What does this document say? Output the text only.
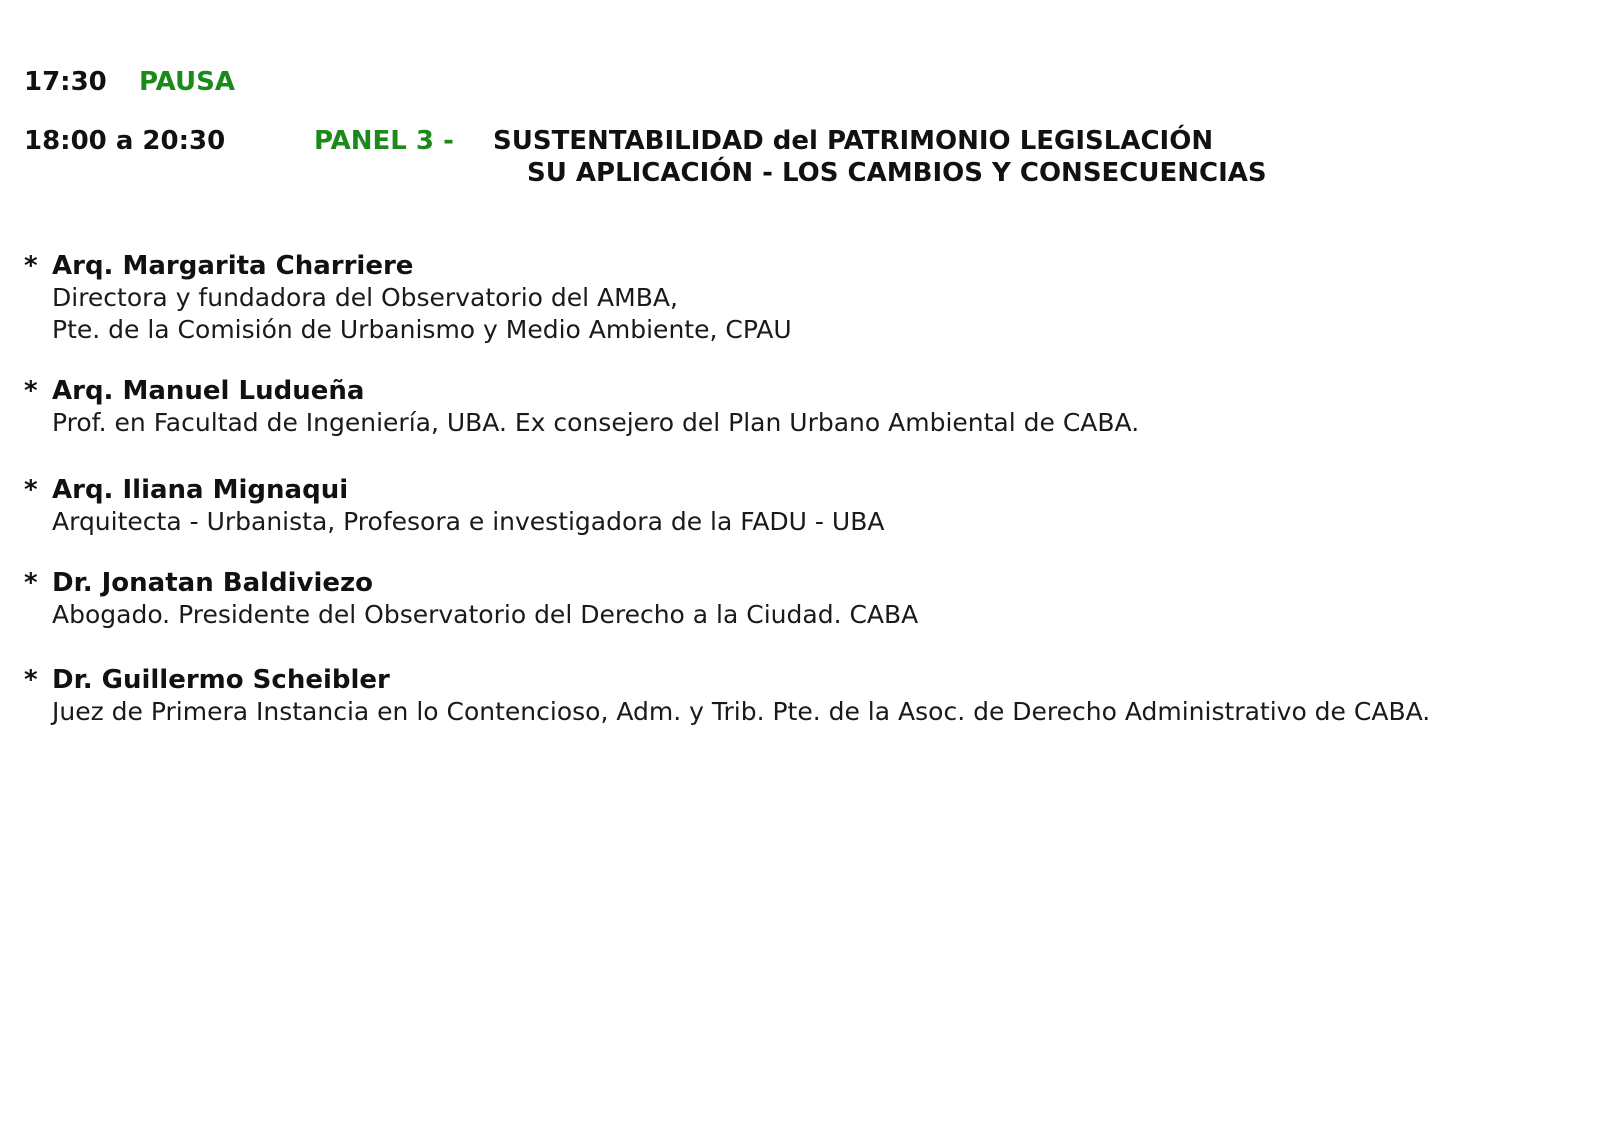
17:30 PAUSA
18:00 a 20:30	PANEL 3 - SUSTENTABILIDAD del PATRIMONIO LEGISLACIÓN
SU APLICACIÓN - LOS CAMBIOS Y CONSECUENCIAS
* Arq. Margarita Charriere
Directora y fundadora del Observatorio del AMBA,
Pte. de la Comisión de Urbanismo y Medio Ambiente, CPAU
* Arq. Manuel Ludueña
Prof. en Facultad de Ingeniería, UBA. Ex consejero del Plan Urbano Ambiental de CABA.
* Arq. Iliana Mignaqui
Arquitecta - Urbanista, Profesora e investigadora de la FADU - UBA
* Dr. Jonatan Baldiviezo
Abogado. Presidente del Observatorio del Derecho a la Ciudad. CABA
* Dr. Guillermo Scheibler
Juez de Primera Instancia en lo Contencioso, Adm. y Trib. Pte. de la Asoc. de Derecho Administrativo de CABA.
